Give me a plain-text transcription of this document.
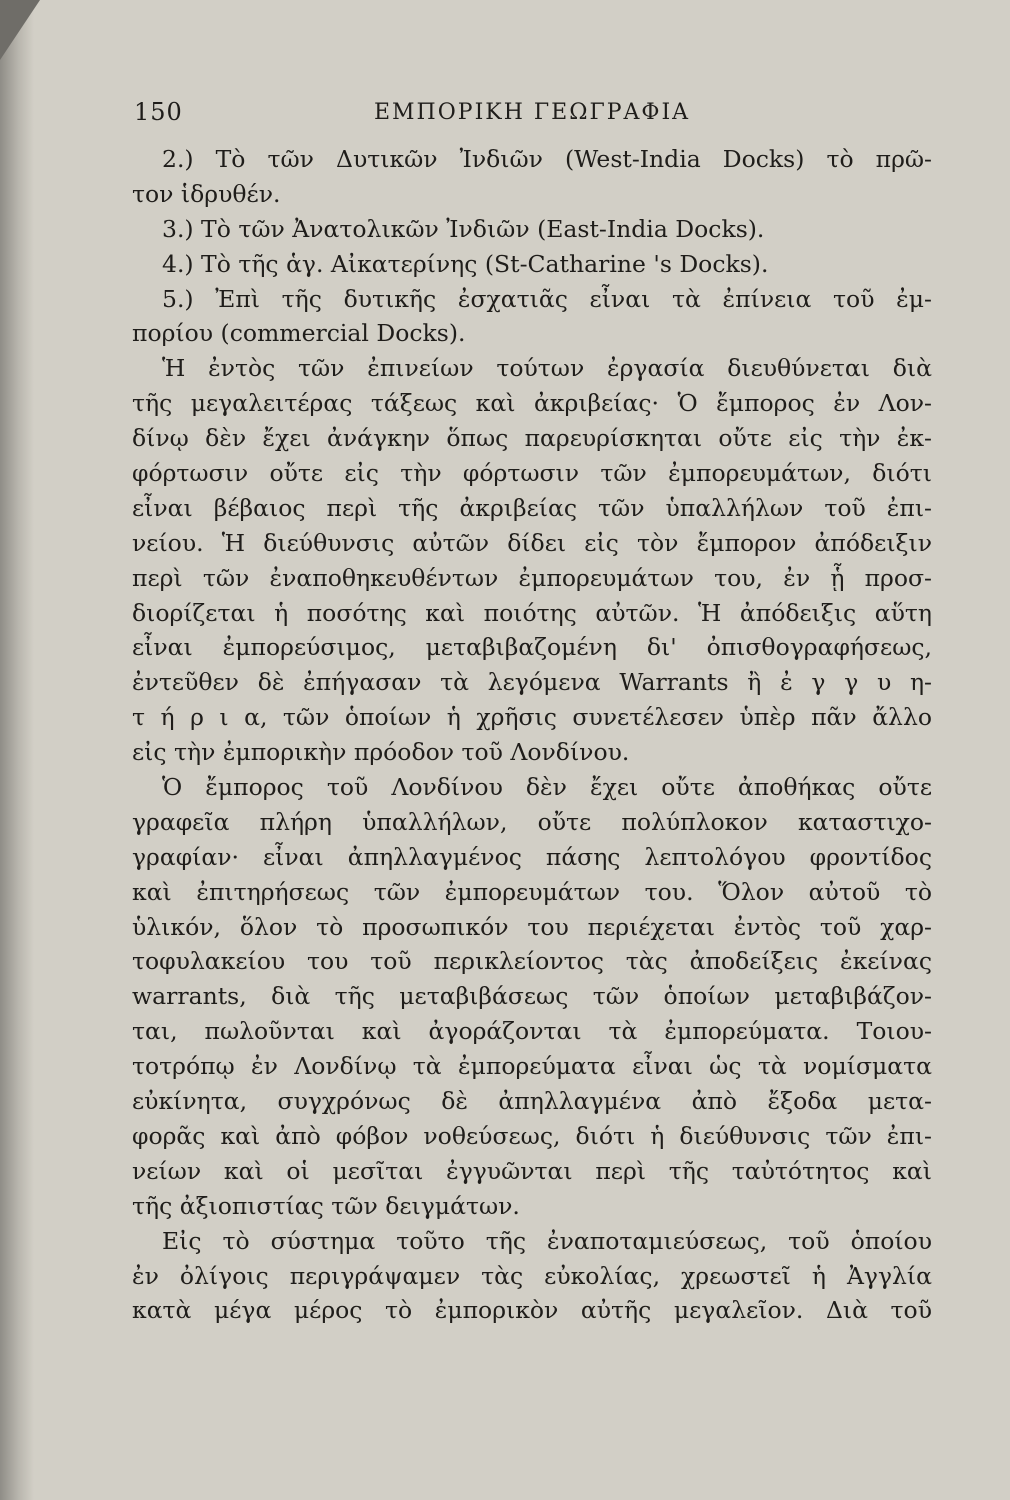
150	ΕΜΠΟΡΙΚΗ ΓΕΩΓΡΑΦΙΑ
2.) Τὸ τῶν Δυτικῶν Ἰνδιῶν (West-India Docks) τὸ πρῶ-
τον ἱδρυθέν.
3.) Τὸ τῶν Ἀνατολικῶν Ἰνδιῶν (East-India Docks).
4.) Τὸ τῆς ἁγ. Αἰκατερίνης (St-Catharine 's Docks).
5.) Ἐπὶ τῆς δυτικῆς ἐσχατιᾶς εἶναι τὰ ἐπίνεια τοῦ ἐμ-
πορίου (commercial Docks).
Ἡ ἐντὸς τῶν ἐπινείων τούτων ἐργασία διευθύνεται διὰ
τῆς μεγαλειτέρας τάξεως καὶ ἀκριβείας· Ὁ ἔμπορος ἐν Λον-
δίνῳ δὲν ἔχει ἀνάγκην ὅπως παρευρίσκηται οὔτε εἰς τὴν ἐκ-
φόρτωσιν οὔτε εἰς τὴν φόρτωσιν τῶν ἐμπορευμάτων, διότι
εἶναι βέβαιος περὶ τῆς ἀκριβείας τῶν ὑπαλλήλων τοῦ ἐπι-
νείου. Ἡ διεύθυνσις αὐτῶν δίδει εἰς τὸν ἔμπορον ἀπόδειξιν
περὶ τῶν ἐναποθηκευθέντων ἐμπορευμάτων του, ἐν ᾗ προσ-
διορίζεται ἡ ποσότης καὶ ποιότης αὐτῶν. Ἡ ἀπόδειξις αὕτη
εἶναι ἐμπορεύσιμος, μεταβιβαζομένη δι' ὀπισθογραφήσεως,
ἐντεῦθεν δὲ ἐπήγασαν τὰ λεγόμενα Warrants ἢ ἐ γ γ υ η-
τ ή ρ ι α, τῶν ὁποίων ἡ χρῆσις συνετέλεσεν ὑπὲρ πᾶν ἄλλο
εἰς τὴν ἐμπορικὴν πρόοδον τοῦ Λονδίνου.
Ὁ ἔμπορος τοῦ Λονδίνου δὲν ἔχει οὔτε ἀποθήκας οὔτε
γραφεῖα πλήρη ὑπαλλήλων, οὔτε πολύπλοκον καταστιχο-
γραφίαν· εἶναι ἀπηλλαγμένος πάσης λεπτολόγου φροντίδος
καὶ ἐπιτηρήσεως τῶν ἐμπορευμάτων του. Ὅλον αὐτοῦ τὸ
ὑλικόν, ὅλον τὸ προσωπικόν του περιέχεται ἐντὸς τοῦ χαρ-
τοφυλακείου του τοῦ περικλείοντος τὰς ἀποδείξεις ἐκείνας
warrants, διὰ τῆς μεταβιβάσεως τῶν ὁποίων μεταβιβάζον-
ται, πωλοῦνται καὶ ἀγοράζονται τὰ ἐμπορεύματα. Τοιου-
τοτρόπῳ ἐν Λονδίνῳ τὰ ἐμπορεύματα εἶναι ὡς τὰ νομίσματα
εὐκίνητα, συγχρόνως δὲ ἀπηλλαγμένα ἀπὸ ἔξοδα μετα-
φορᾶς καὶ ἀπὸ φόβον νοθεύσεως, διότι ἡ διεύθυνσις τῶν ἐπι-
νείων καὶ οἱ μεσῖται ἐγγυῶνται περὶ τῆς ταὐτότητος καὶ
τῆς ἀξιοπιστίας τῶν δειγμάτων.
Εἰς τὸ σύστημα τοῦτο τῆς ἐναποταμιεύσεως, τοῦ ὁποίου
ἐν ὀλίγοις περιγράψαμεν τὰς εὐκολίας, χρεωστεῖ ἡ Ἀγγλία
κατὰ μέγα μέρος τὸ ἐμπορικὸν αὐτῆς μεγαλεῖον. Διὰ τοῦ
